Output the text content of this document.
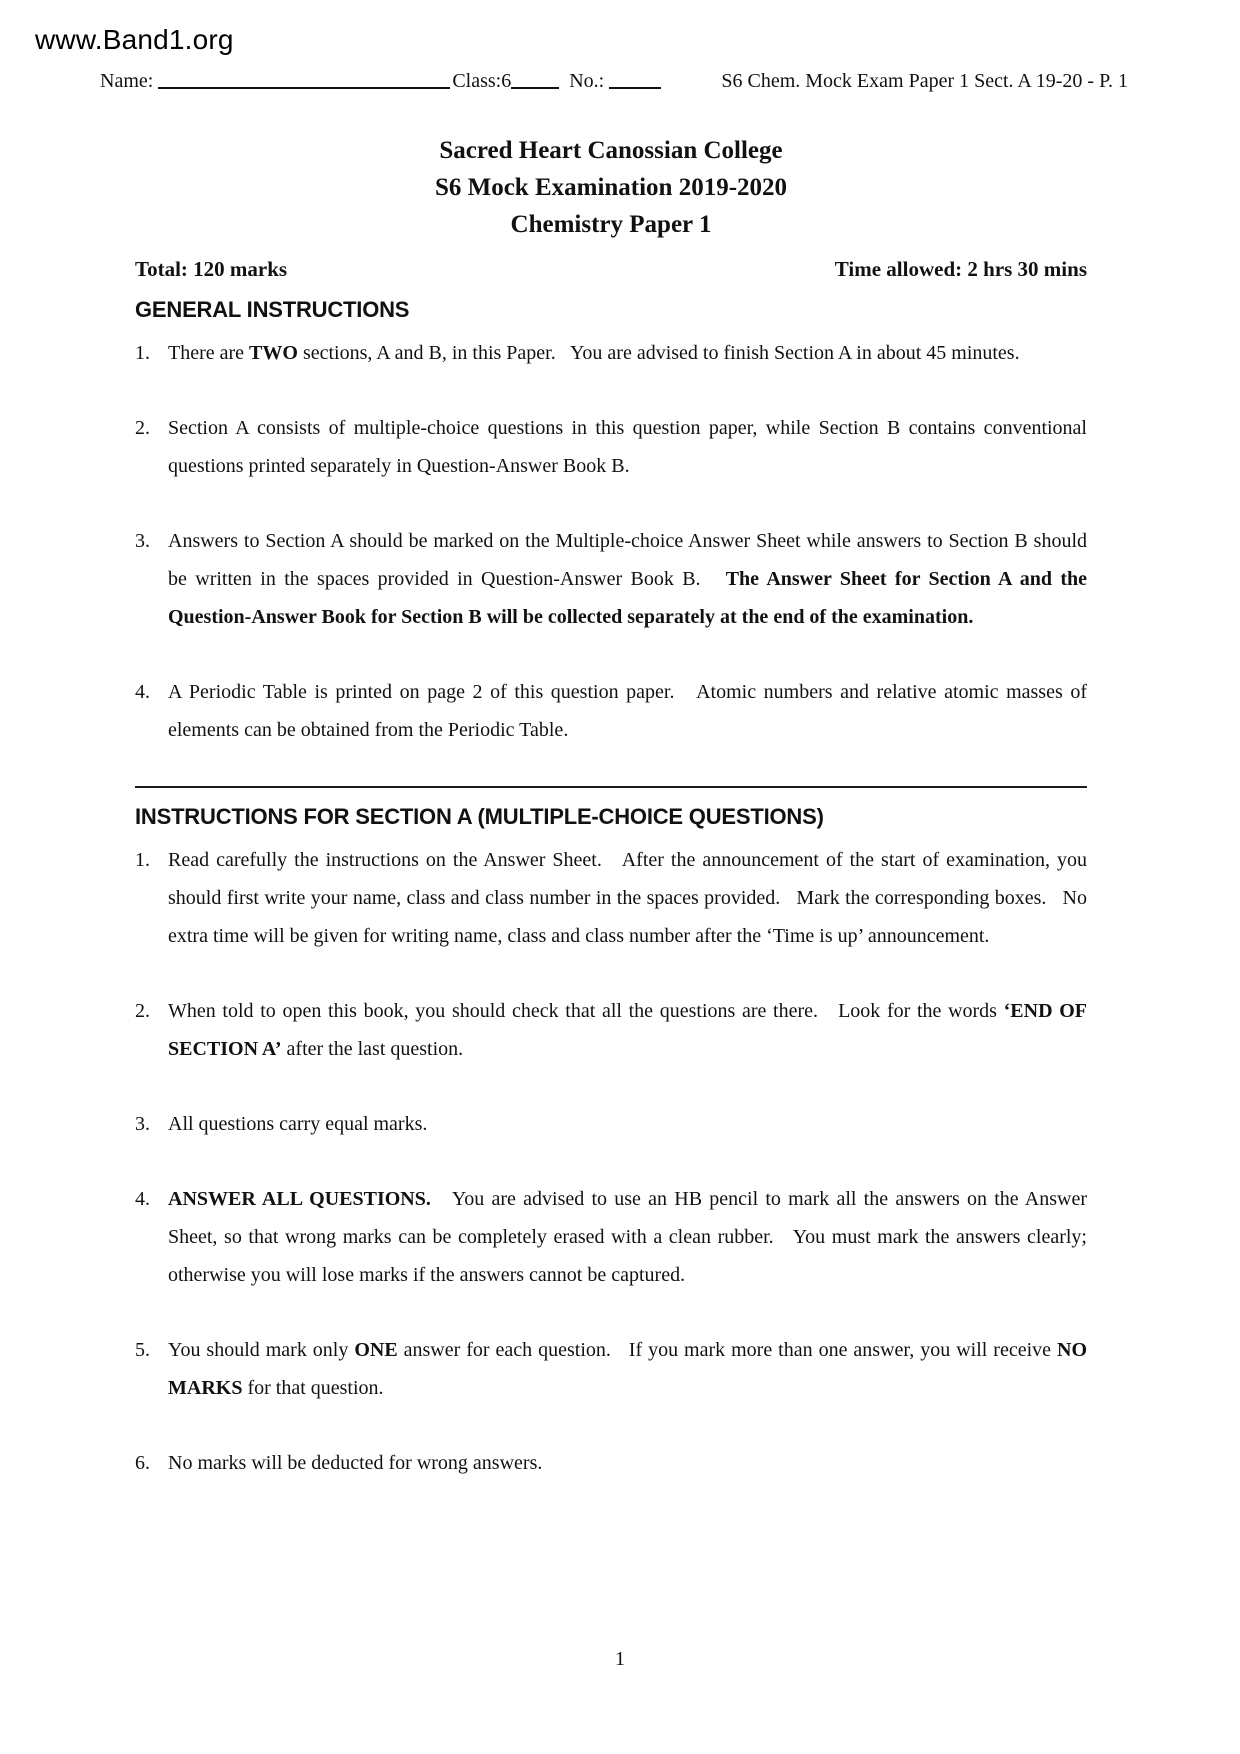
www.Band1.org
Name:	Class:6	No.:	S6 Chem. Mock Exam Paper 1 Sect. A 19-20 - P. 1
Sacred Heart Canossian College
S6 Mock Examination 2019-2020
Chemistry Paper 1
Total: 120 marks	Time allowed: 2 hrs 30 mins
GENERAL INSTRUCTIONS
1. There are TWO sections, A and B, in this Paper.   You are advised to finish Section A in about 45 minutes.
2. Section A consists of multiple-choice questions in this question paper, while Section B contains conventional questions printed separately in Question-Answer Book B.
3. Answers to Section A should be marked on the Multiple-choice Answer Sheet while answers to Section B should be written in the spaces provided in Question-Answer Book B.   The Answer Sheet for Section A and the Question-Answer Book for Section B will be collected separately at the end of the examination.
4. A Periodic Table is printed on page 2 of this question paper.   Atomic numbers and relative atomic masses of elements can be obtained from the Periodic Table.
INSTRUCTIONS FOR SECTION A (MULTIPLE-CHOICE QUESTIONS)
1. Read carefully the instructions on the Answer Sheet.   After the announcement of the start of examination, you should first write your name, class and class number in the spaces provided.   Mark the corresponding boxes.   No extra time will be given for writing name, class and class number after the ‘Time is up’ announcement.
2. When told to open this book, you should check that all the questions are there.   Look for the words ‘END OF SECTION A’ after the last question.
3. All questions carry equal marks.
4. ANSWER ALL QUESTIONS.   You are advised to use an HB pencil to mark all the answers on the Answer Sheet, so that wrong marks can be completely erased with a clean rubber.   You must mark the answers clearly; otherwise you will lose marks if the answers cannot be captured.
5. You should mark only ONE answer for each question.   If you mark more than one answer, you will receive NO MARKS for that question.
6. No marks will be deducted for wrong answers.
1
